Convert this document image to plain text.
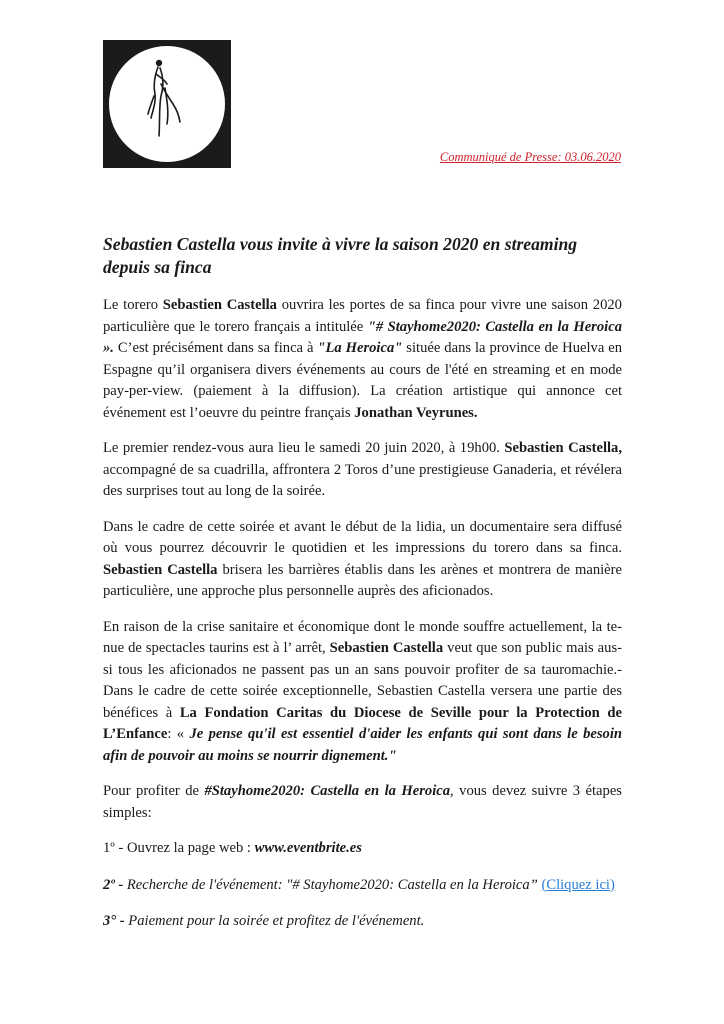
Communiqué de Presse: 03.06.2020
Sebastien Castella vous invite à vivre la saison 2020 en streaming depuis sa finca

Le torero Sebastien Castella ouvrira les portes de sa finca pour vivre une saison 2020 particulière que le torero français a intitulée "# Stayhome2020: Castella en la Heroica ». C’est précisément dans sa finca à "La Heroica" située dans la province de Huelva en Espagne qu’il organisera divers événements au cours de l'été en streaming et en mode pay-per-view. (paiement à la diffusion). La création artistique qui annonce cet événement est l’oeuvre du peintre français Jonathan Veyrunes.

Le premier rendez-vous aura lieu le samedi 20 juin 2020, à 19h00. Sebastien Castella, accompagné de sa cuadrilla, affrontera 2 Toros d’une prestigieuse Ganaderia, et révélera des surprises tout au long de la soirée.

Dans le cadre de cette soirée et avant le début de la lidia, un documentaire sera diffusé où vous pourrez découvrir le quotidien et les impressions du torero dans sa finca. Sebastien Castella brisera les barrières établis dans les arènes et montrera de manière particulière, une approche plus personnelle auprès des aficionados.

En raison de la crise sanitaire et économique dont le monde souffre actuellement, la te- nue de spectacles taurins est à l’ arrêt, Sebastien Castella veut que son public mais aus- si tous les aficionados ne passent pas un an sans pouvoir profiter de sa tauromachie.- Dans le cadre de cette soirée exceptionnelle, Sebastien Castella versera une partie des bénéfices à La Fondation Caritas du Diocese de Seville pour la Protection de L’Enfance: « Je pense qu'il est essentiel d'aider les enfants qui sont dans le besoin afin de pouvoir au moins se nourrir dignement."

Pour profiter de #Stayhome2020: Castella en la Heroica, vous devez suivre 3 étapes simples:

1º - Ouvrez la page web : www.eventbrite.es
2º - Recherche de l'événement: "# Stayhome2020: Castella en la Heroica” (Cliquez ici)
3° - Paiement pour la soirée et profitez de l'événement.
